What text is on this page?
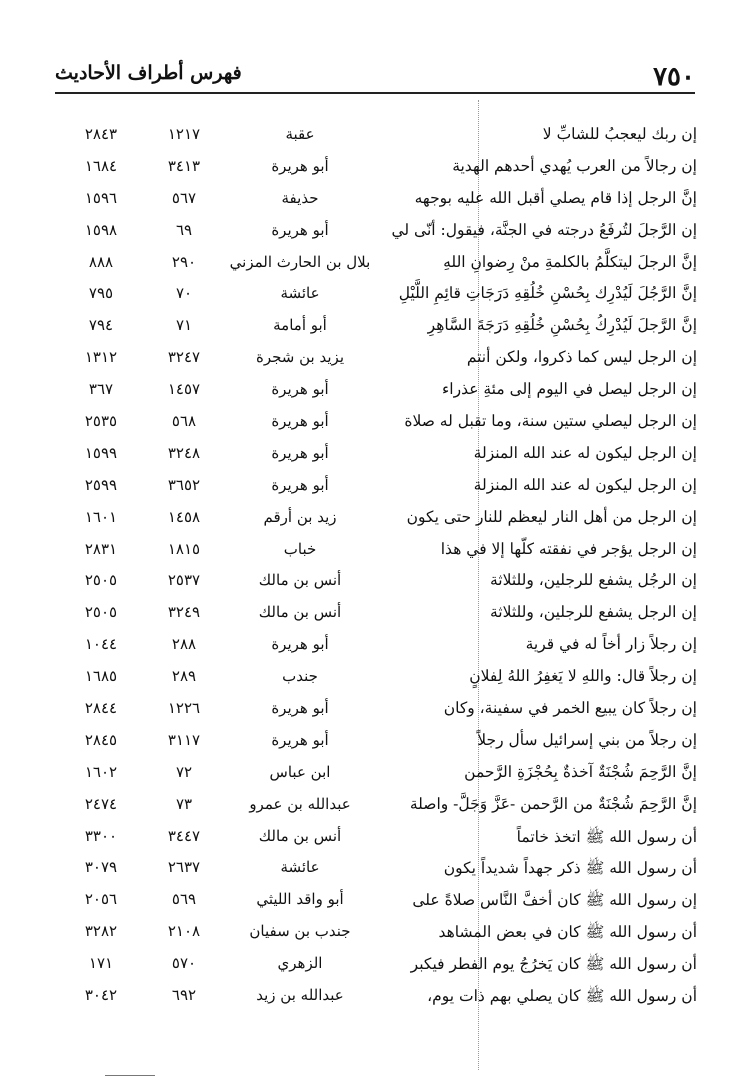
فهرس أطراف الأحاديث	٧٥٠
إن ربك ليعجبُ للشابِّ لا
عقبة
١٢١٧
٢٨٤٣
إن رجالاً من العرب يُهدي أحدهم الهدية
أبو هريرة
٣٤١٣
١٦٨٤
إنَّ الرجل إذا قام يصلي أقبل الله عليه بوجهه
حذيفة
٥٦٧
١٥٩٦
إن الرَّجلَ لتُرفَعُ درجته في الجنَّة، فيقول: أنّى لي
أبو هريرة
٦٩
١٥٩٨
إنَّ الرجلَ ليتكلَّمُ بالكلمةِ منْ رِضوانِ اللهِ
بلال بن الحارث المزني
٢٩٠
٨٨٨
إنَّ الرَّجُلَ لَيُدْرِك بِحُسْنِ خُلُقِهِ دَرَجَاتِ قائِمِ اللَّيْلِ
عائشة
٧٠
٧٩٥
إنَّ الرَّجلَ لَيُدْرِكُ بِحُسْنِ خُلُقِهِ دَرَجَةَ السَّاهِرِ
أبو أمامة
٧١
٧٩٤
إن الرجل ليس كما ذكروا، ولكن أنتم
يزيد بن شجرة
٣٢٤٧
١٣١٢
إن الرجل ليصل في اليوم إلى مئةِ عذراء
أبو هريرة
١٤٥٧
٣٦٧
إن الرجل ليصلي ستين سنة، وما تقبل له صلاة
أبو هريرة
٥٦٨
٢٥٣٥
إن الرجل ليكون له عند الله المنزلة
أبو هريرة
٣٢٤٨
١٥٩٩
إن الرجل ليكون له عند الله المنزلة
أبو هريرة
٣٦٥٢
٢٥٩٩
إن الرجل من أهل النار ليعظم للنار حتى يكون
زيد بن أرقم
١٤٥٨
١٦٠١
إن الرجل يؤجر في نفقته كلّها إلا في هذا
خباب
١٨١٥
٢٨٣١
إن الرجُل يشفع للرجلين، وللثلاثة
أنس بن مالك
٢٥٣٧
٢٥٠٥
إن الرجل يشفع للرجلين، وللثلاثة
أنس بن مالك
٣٢٤٩
٢٥٠٥
إن رجلاً زار أخاً له في قرية
أبو هريرة
٢٨٨
١٠٤٤
إن رجلاً قال: واللهِ لا يَغفِرُ اللهُ لِفلانٍ
جندب
٢٨٩
١٦٨٥
إن رجلاً كان يبيع الخمر في سفينة، وكان
أبو هريرة
١٢٢٦
٢٨٤٤
إن رجلاً من بني إسرائيل سأل رجلاً
أبو هريرة
٣١١٧
٢٨٤٥
إنَّ الرَّحِمَ شُجْنَةٌ آخذةٌ بِحُجْزَةِ الرَّحمن
ابن عباس
٧٢
١٦٠٢
إنَّ الرَّحِمَ شُجْنَةٌ من الرَّحمن -عَزَّ وَجَلَّ- واصلة
عبدالله بن عمرو
٧٣
٢٤٧٤
أن رسول الله ﷺ اتخذ خاتماً
أنس بن مالك
٣٤٤٧
٣٣٠٠
أن رسول الله ﷺ ذكر جهداً شديداً يكون
عائشة
٢٦٣٧
٣٠٧٩
إن رسول الله ﷺ كان أخفَّ النَّاس صلاةً على
أبو واقد الليثي
٥٦٩
٢٠٥٦
أن رسول الله ﷺ كان في بعض المشاهد
جندب بن سفيان
٢١٠٨
٣٢٨٢
أن رسول الله ﷺ كان يَخرُجُ يوم الفطر فيكبر
الزهري
٥٧٠
١٧١
أن رسول الله ﷺ كان يصلي بهم ذات يوم،
عبدالله بن زيد
٦٩٢
٣٠٤٢
